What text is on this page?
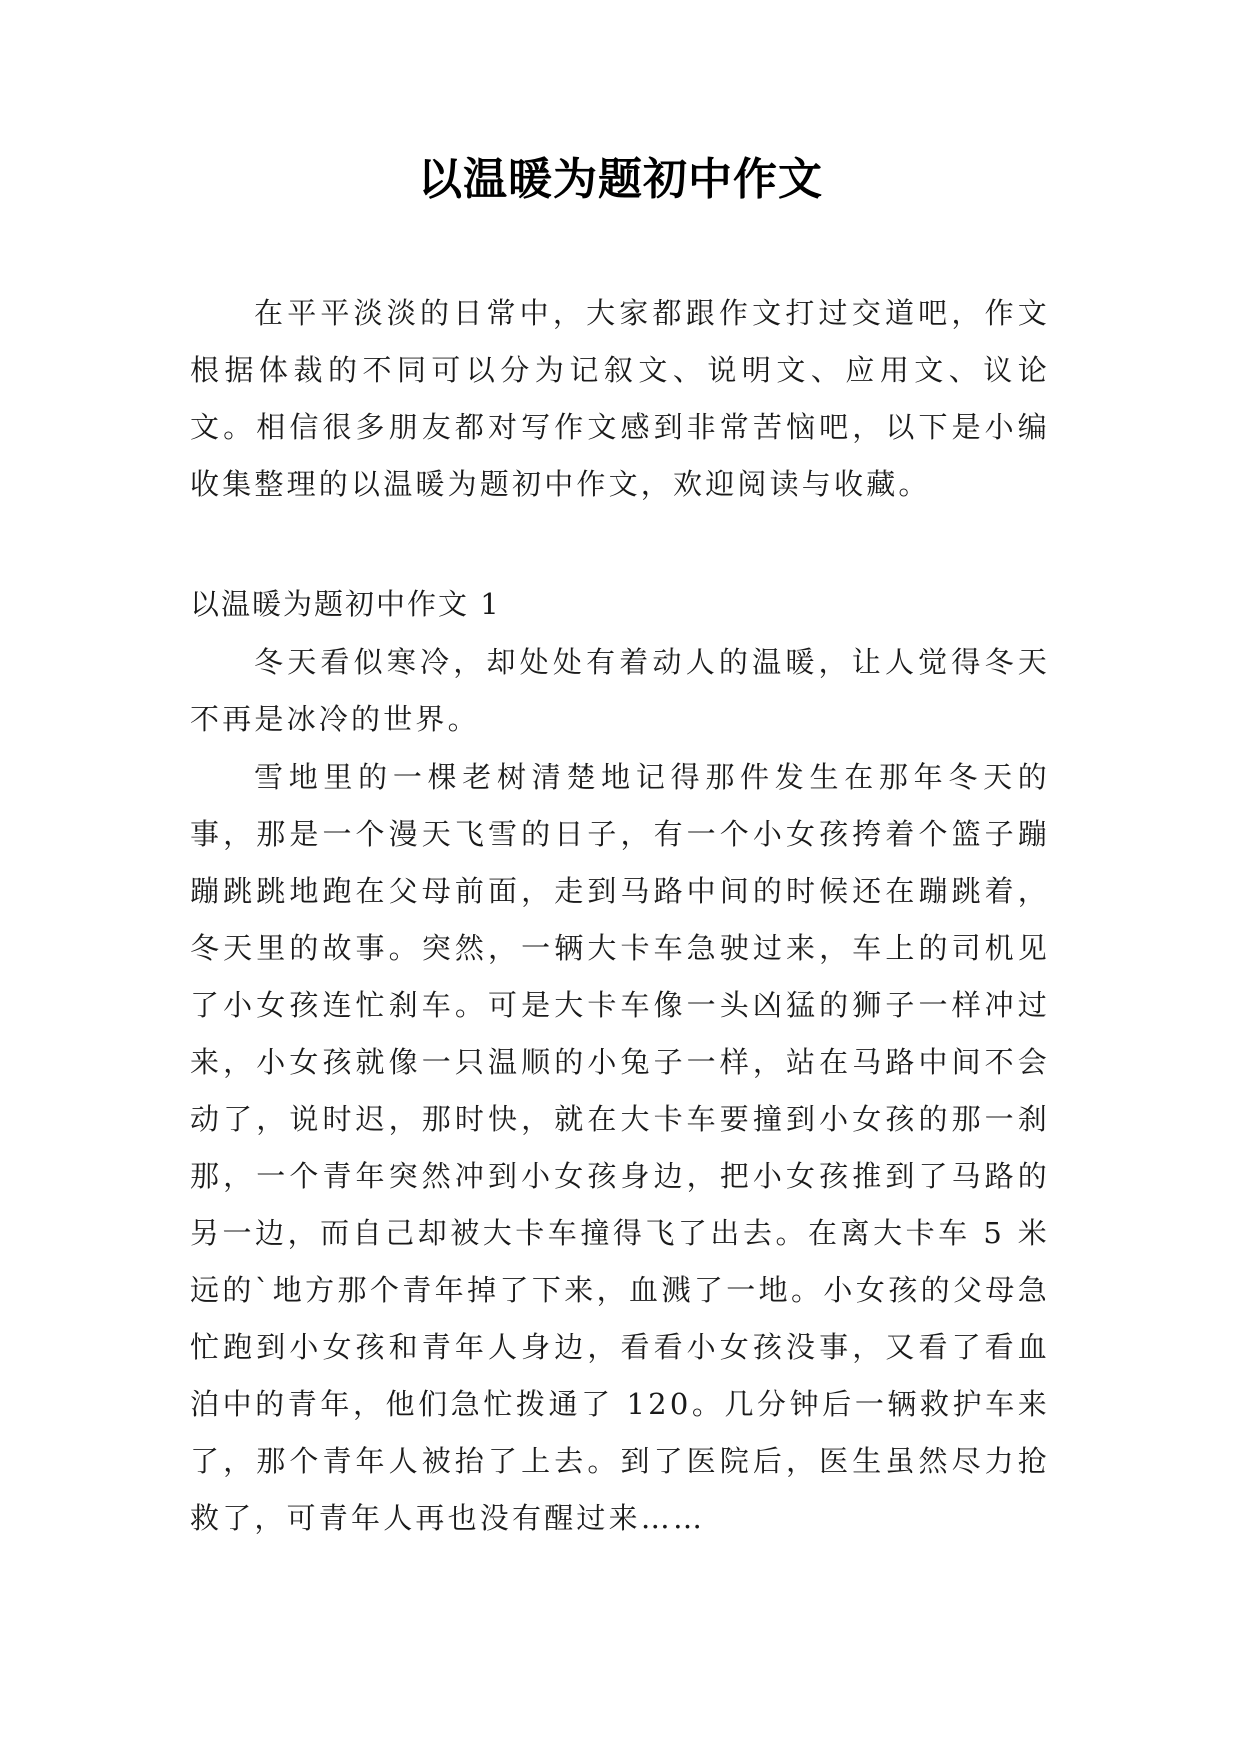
以温暖为题初中作文
在平平淡淡的日常中，大家都跟作文打过交道吧，作文根据体裁的不同可以分为记叙文、说明文、应用文、议论文。相信很多朋友都对写作文感到非常苦恼吧，以下是小编收集整理的以温暖为题初中作文，欢迎阅读与收藏。
以温暖为题初中作文 1
冬天看似寒冷，却处处有着动人的温暖，让人觉得冬天不再是冰冷的世界。
雪地里的一棵老树清楚地记得那件发生在那年冬天的事，那是一个漫天飞雪的日子，有一个小女孩挎着个篮子蹦蹦跳跳地跑在父母前面，走到马路中间的时候还在蹦跳着，冬天里的故事。突然，一辆大卡车急驶过来，车上的司机见了小女孩连忙刹车。可是大卡车像一头凶猛的狮子一样冲过来，小女孩就像一只温顺的小兔子一样，站在马路中间不会动了，说时迟，那时快，就在大卡车要撞到小女孩的那一刹那，一个青年突然冲到小女孩身边，把小女孩推到了马路的另一边，而自己却被大卡车撞得飞了出去。在离大卡车 5 米远的`地方那个青年掉了下来，血溅了一地。小女孩的父母急忙跑到小女孩和青年人身边，看看小女孩没事，又看了看血泊中的青年，他们急忙拨通了 120。几分钟后一辆救护车来了，那个青年人被抬了上去。到了医院后，医生虽然尽力抢救了，可青年人再也没有醒过来……
